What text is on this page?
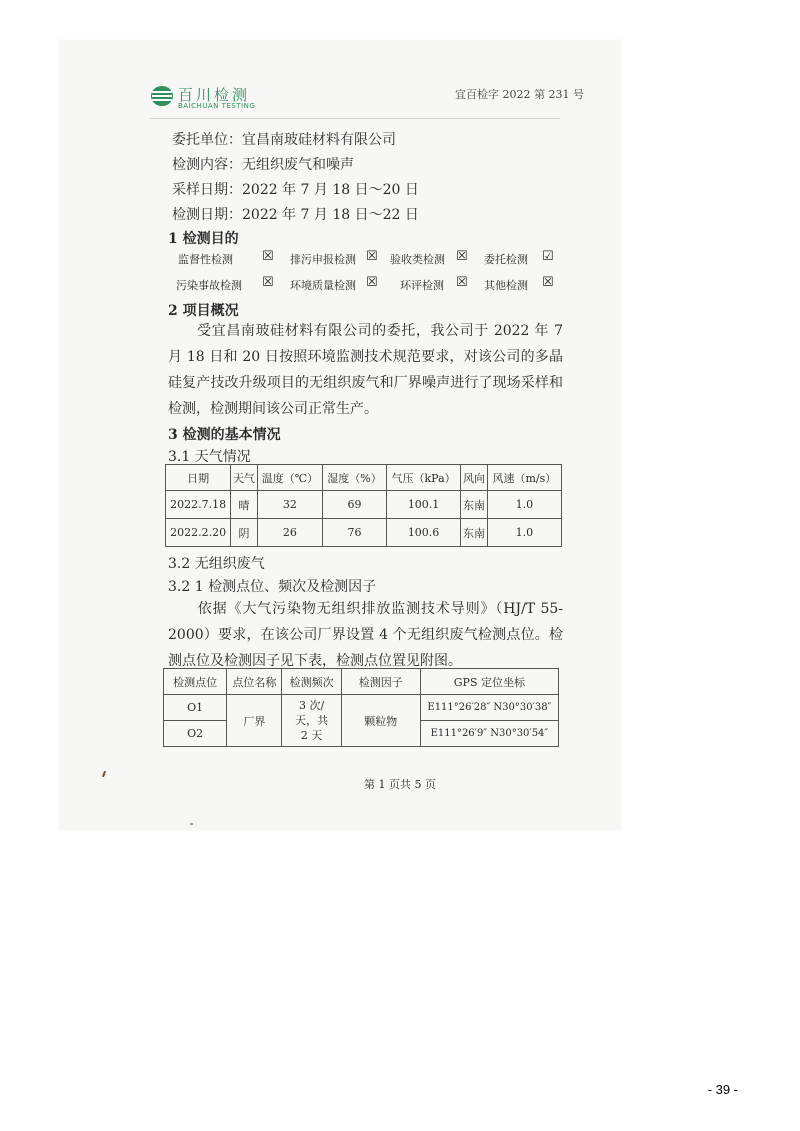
百川检测
BAICHUAN TESTING
宜百检字 2022 第 231 号
委托单位：宜昌南玻硅材料有限公司
检测内容：无组织废气和噪声
采样日期：2022 年 7 月 18 日～20 日
检测日期：2022 年 7 月 18 日～22 日
1 检测目的
监督性检测 ☒ 排污申报检测 ☒ 验收类检测 ☒ 委托检测 ☑
污染事故检测 ☒ 环境质量检测 ☒ 环评检测 ☒ 其他检测 ☒
2 项目概况
　　受宜昌南玻硅材料有限公司的委托，我公司于 2022 年 7 月 18 日和 20 日按照环境监测技术规范要求，对该公司的多晶硅复产技改升级项目的无组织废气和厂界噪声进行了现场采样和检测，检测期间该公司正常生产。
3 检测的基本情况
3.1 天气情况
日期	天气	温度（℃）	湿度（%）	气压（kPa）	风向	风速（m/s）
2022.7.18	晴	32	69	100.1	东南	1.0
2022.2.20	阴	26	76	100.6	东南	1.0
3.2 无组织废气
3.2 1 检测点位、频次及检测因子
　　依据《大气污染物无组织排放监测技术导则》（HJ/T 55-2000）要求，在该公司厂界设置 4 个无组织废气检测点位。检测点位及检测因子见下表，检测点位置见附图。
检测点位	点位名称	检测频次	检测因子	GPS 定位坐标
O1	厂界	3 次/天，共 2 天	颗粒物	E111°26′28″ N30°30′38″
O2				E111°26′9″ N30°30′54″
第 1 页共 5 页
- 39 -
